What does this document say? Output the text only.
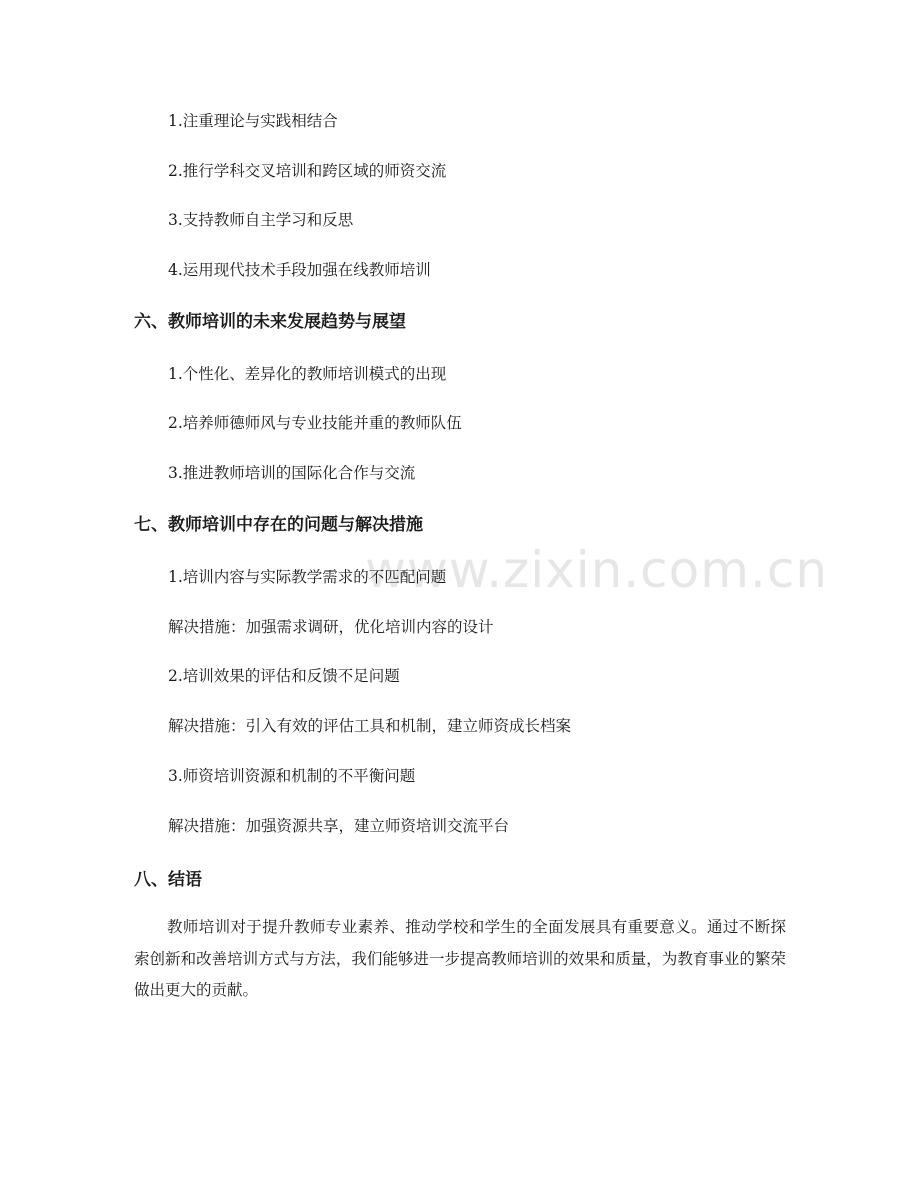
www.zixin.com.cn
1.注重理论与实践相结合
2.推行学科交叉培训和跨区域的师资交流
3.支持教师自主学习和反思
4.运用现代技术手段加强在线教师培训
六、教师培训的未来发展趋势与展望
1.个性化、差异化的教师培训模式的出现
2.培养师德师风与专业技能并重的教师队伍
3.推进教师培训的国际化合作与交流
七、教师培训中存在的问题与解决措施
1.培训内容与实际教学需求的不匹配问题
解决措施：加强需求调研，优化培训内容的设计
2.培训效果的评估和反馈不足问题
解决措施：引入有效的评估工具和机制，建立师资成长档案
3.师资培训资源和机制的不平衡问题
解决措施：加强资源共享，建立师资培训交流平台
八、结语
教师培训对于提升教师专业素养、推动学校和学生的全面发展具有重要意义。通过不断探索创新和改善培训方式与方法，我们能够进一步提高教师培训的效果和质量，为教育事业的繁荣做出更大的贡献。
